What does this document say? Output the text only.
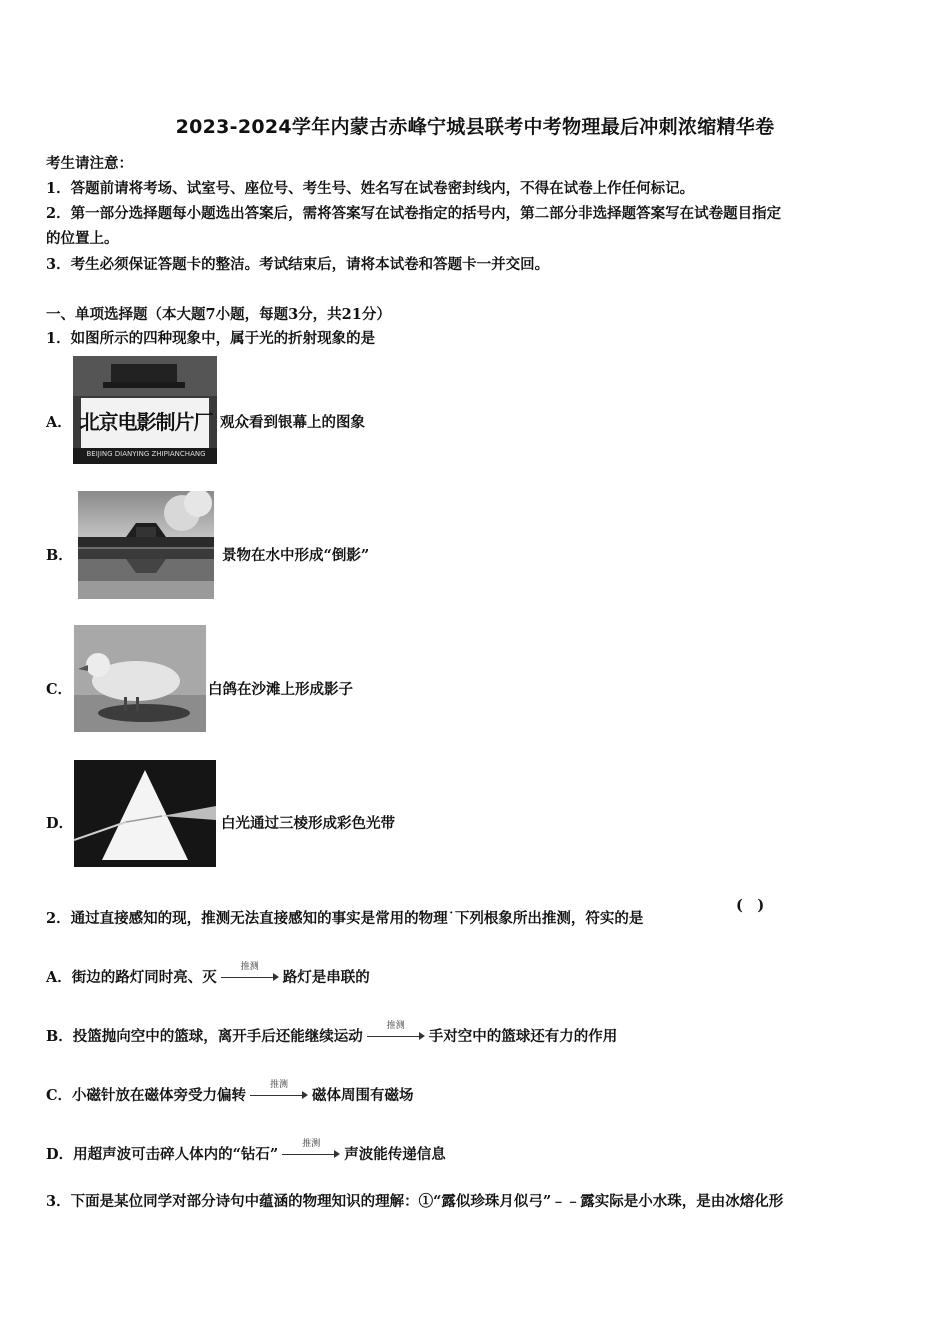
2023-2024学年内蒙古赤峰宁城县联考中考物理最后冲刺浓缩精华卷
考生请注意：
1．答题前请将考场、试室号、座位号、考生号、姓名写在试卷密封线内，不得在试卷上作任何标记。
2．第一部分选择题每小题选出答案后，需将答案写在试卷指定的括号内，第二部分非选择题答案写在试卷题目指定
的位置上。
3．考生必须保证答题卡的整洁。考试结束后，请将本试卷和答题卡一并交回。
一、单项选择题（本大题7小题，每题3分，共21分）
1．如图所示的四种现象中，属于光的折射现象的是
A． 北京电影制片厂
BEIJING DIANYING ZHIPIANCHANG
观众看到银幕上的图象
B．	景物在水中形成“倒影”
C．	白鸽在沙滩上形成影子
D．	白光通过三棱形成彩色光带
2．通过直接感知的现，推测无法直接感知的事实是常用的物理˙下列根象所出推测，符实的是
(　)
A．街边的路灯同时亮、灭
推测
路灯是串联的
B．投篮抛向空中的篮球，离开手后还能继续运动
推测
手对空中的篮球还有力的作用
C．小磁针放在磁体旁受力偏转
推测
磁体周围有磁场
D．用超声波可击碎人体内的“钻石”
推测
声波能传递信息
3．下面是某位同学对部分诗句中蕴涵的物理知识的理解：①“露似珍珠月似弓”﹣﹣露实际是小水珠，是由冰熔化形
